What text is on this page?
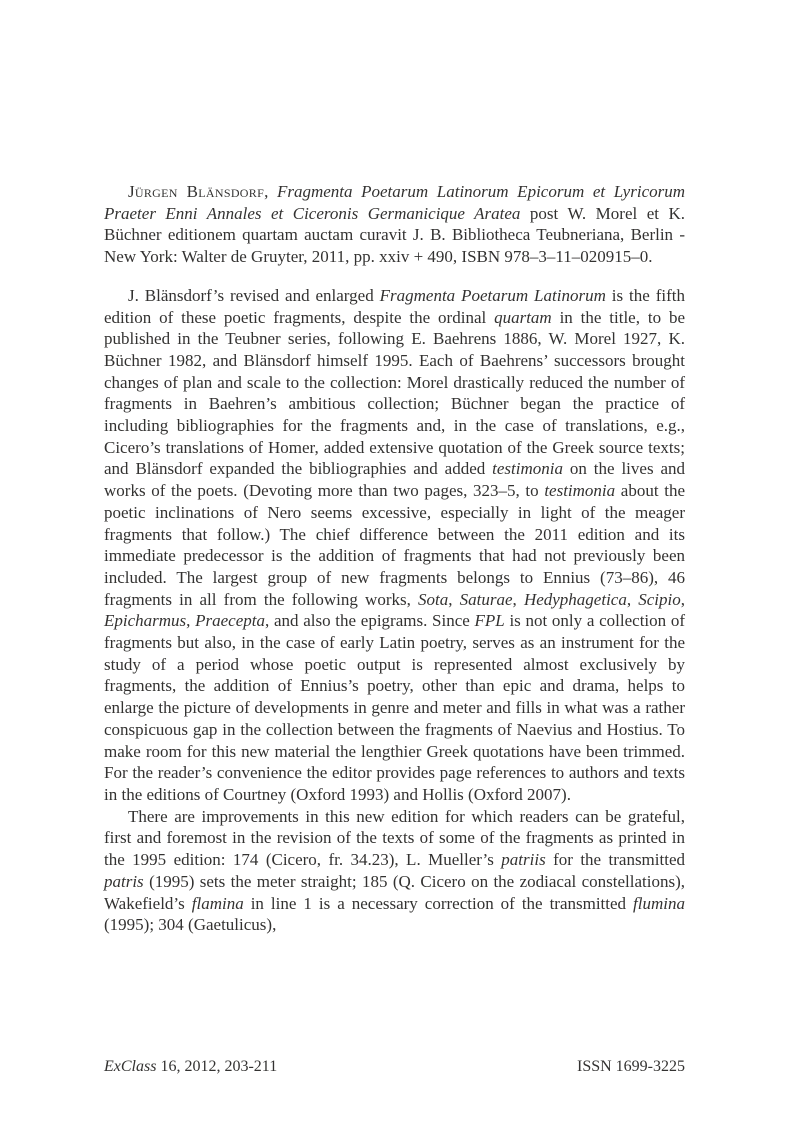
Jürgen Blänsdorf, Fragmenta Poetarum Latinorum Epicorum et Lyricorum Praeter Enni Annales et Ciceronis Germanicique Aratea post W. Morel et K. Büchner editionem quartam auctam curavit J. B. Bibliotheca Teubneriana, Berlin - New York: Walter de Gruyter, 2011, pp. xxiv + 490, ISBN 978–3–11–020915–0.

J. Blänsdorf’s revised and enlarged Fragmenta Poetarum Latinorum is the fifth edition of these poetic fragments, despite the ordinal quartam in the title, to be published in the Teubner series, following E. Baehrens 1886, W. Morel 1927, K. Büchner 1982, and Blänsdorf himself 1995. Each of Baehrens’ successors brought changes of plan and scale to the collection: Morel drastically reduced the number of fragments in Baehren’s ambitious collection; Büchner began the practice of including bibliographies for the fragments and, in the case of translations, e.g., Cicero’s translations of Homer, added extensive quotation of the Greek source texts; and Blänsdorf expanded the bibliographies and added testimonia on the lives and works of the poets. (Devoting more than two pages, 323–5, to testimonia about the poetic inclinations of Nero seems excessive, especially in light of the meager fragments that follow.) The chief difference between the 2011 edition and its immediate predecessor is the addition of fragments that had not previously been included. The largest group of new fragments belongs to Ennius (73–86), 46 fragments in all from the following works, Sota, Saturae, Hedyphagetica, Scipio, Epicharmus, Praecepta, and also the epigrams. Since FPL is not only a collection of fragments but also, in the case of early Latin poetry, serves as an instrument for the study of a period whose poetic output is represented almost exclusively by fragments, the addition of Ennius’s poetry, other than epic and drama, helps to enlarge the picture of developments in genre and meter and fills in what was a rather conspicuous gap in the collection between the fragments of Naevius and Hostius. To make room for this new material the lengthier Greek quotations have been trimmed. For the reader’s convenience the editor provides page references to authors and texts in the editions of Courtney (Oxford 1993) and Hollis (Oxford 2007).

There are improvements in this new edition for which readers can be grateful, first and foremost in the revision of the texts of some of the fragments as printed in the 1995 edition: 174 (Cicero, fr. 34.23), L. Mueller’s patriis for the transmitted patris (1995) sets the meter straight; 185 (Q. Cicero on the zodiacal constellations), Wakefield’s flamina in line 1 is a necessary correction of the transmitted flumina (1995); 304 (Gaetulicus),

ExClass 16, 2012, 203-211	ISSN 1699-3225
